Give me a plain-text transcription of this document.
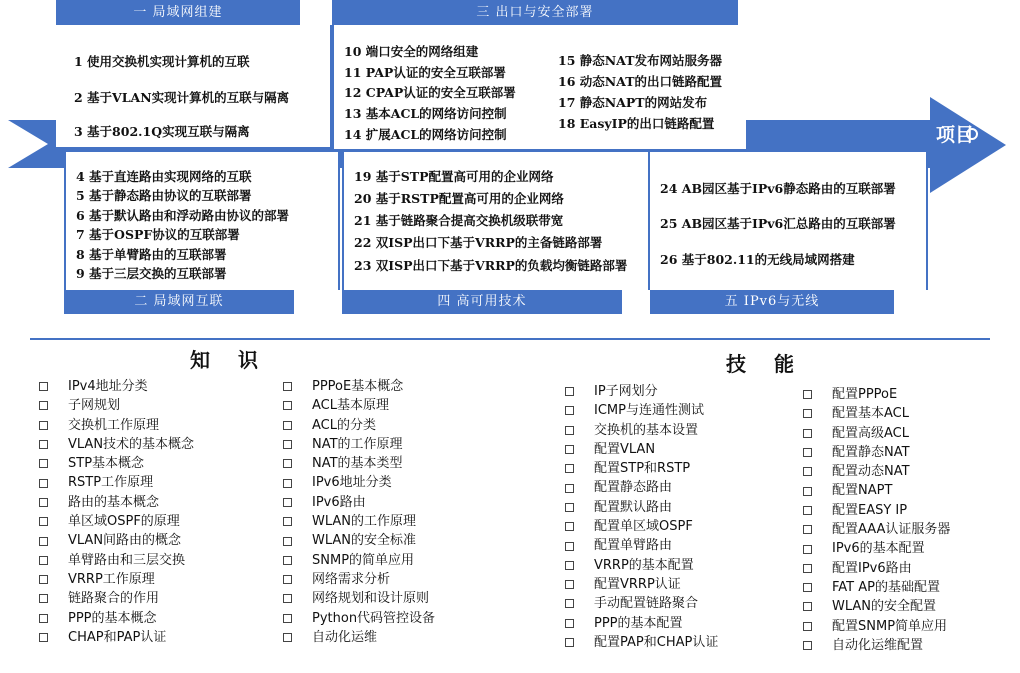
项目
一 局域网组建
1 使用交换机实现计算机的互联
2 基于VLAN实现计算机的互联与隔离
3 基于802.1Q实现互联与隔离
三 出口与安全部署
10 端口安全的网络组建
11 PAP认证的安全互联部署
12 CPAP认证的安全互联部署
13 基本ACL的网络访问控制
14 扩展ACL的网络访问控制
15 静态NAT发布网站服务器
16 动态NAT的出口链路配置
17 静态NAPT的网站发布
18 EasyIP的出口链路配置
二 局域网互联
4 基于直连路由实现网络的互联
5 基于静态路由协议的互联部署
6 基于默认路由和浮动路由协议的部署
7 基于OSPF协议的互联部署
8 基于单臂路由的互联部署
9 基于三层交换的互联部署
四 高可用技术
19 基于STP配置高可用的企业网络
20 基于RSTP配置高可用的企业网络
21 基于链路聚合提高交换机级联带宽
22 双ISP出口下基于VRRP的主备链路部署
23 双ISP出口下基于VRRP的负载均衡链路部署
五 IPv6与无线
24 AB园区基于IPv6静态路由的互联部署
25 AB园区基于IPv6汇总路由的互联部署
26 基于802.11的无线局域网搭建
知识
IPv4地址分类
子网规划
交换机工作原理
VLAN技术的基本概念
STP基本概念
RSTP工作原理
路由的基本概念
单区域OSPF的原理
VLAN间路由的概念
单臂路由和三层交换
VRRP工作原理
链路聚合的作用
PPP的基本概念
CHAP和PAP认证
PPPoE基本概念
ACL基本原理
ACL的分类
NAT的工作原理
NAT的基本类型
IPv6地址分类
IPv6路由
WLAN的工作原理
WLAN的安全标准
SNMP的简单应用
网络需求分析
网络规划和设计原则
Python代码管控设备
自动化运维
技能
IP子网划分
ICMP与连通性测试
交换机的基本设置
配置VLAN
配置STP和RSTP
配置静态路由
配置默认路由
配置单区域OSPF
配置单臂路由
VRRP的基本配置
配置VRRP认证
手动配置链路聚合
PPP的基本配置
配置PAP和CHAP认证
配置PPPoE
配置基本ACL
配置高级ACL
配置静态NAT
配置动态NAT
配置NAPT
配置EASY IP
配置AAA认证服务器
IPv6的基本配置
配置IPv6路由
FAT AP的基础配置
WLAN的安全配置
配置SNMP简单应用
自动化运维配置
